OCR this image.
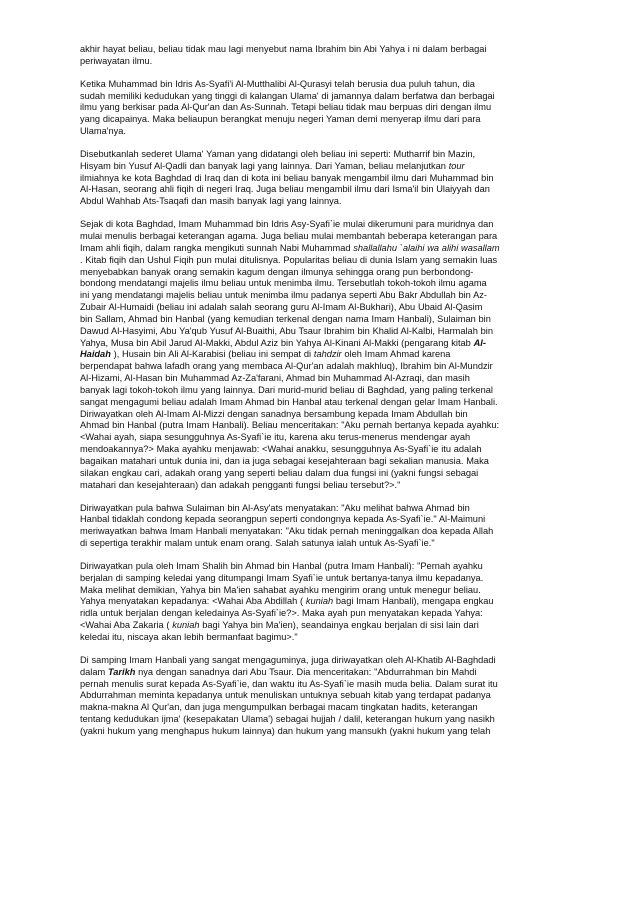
akhir hayat beliau, beliau tidak mau lagi menyebut nama Ibrahim bin Abi Yahya i ni dalam berbagai
periwayatan ilmu.

Ketika Muhammad bin Idris As-Syafi'i Al-Mutthalibi Al-Qurasyi telah berusia dua puluh tahun, dia
sudah memiliki kedudukan yang tinggi di kalangan Ulama' di jamannya dalam berfatwa dan berbagai
ilmu yang berkisar pada Al-Qur'an dan As-Sunnah. Tetapi beliau tidak mau berpuas diri dengan ilmu
yang dicapainya. Maka beliaupun berangkat menuju negeri Yaman demi menyerap ilmu dari para
Ulama'nya.

Disebutkanlah sederet Ulama' Yaman yang didatangi oleh beliau ini seperti: Mutharrif bin Mazin,
Hisyam bin Yusuf Al-Qadli dan banyak lagi yang lainnya. Dari Yaman, beliau melanjutkan tour
ilmiahnya ke kota Baghdad di Iraq dan di kota ini beliau banyak mengambil ilmu dari Muhammad bin
Al-Hasan, seorang ahli fiqih di negeri Iraq. Juga beliau mengambil ilmu dari Isma'il bin Ulaiyyah dan
Abdul Wahhab Ats-Tsaqafi dan masih banyak lagi yang lainnya.

Sejak di kota Baghdad, Imam Muhammad bin Idris Asy-Syafi`ie mulai dikerumuni para muridnya dan
mulai menulis berbagai keterangan agama. Juga beliau mulai membantah beberapa keterangan para
Imam ahli fiqih, dalam rangka mengikuti sunnah Nabi Muhammad shallallahu `alaihi wa alihi wasallam
. Kitab fiqih dan Ushul Fiqih pun mulai ditulisnya. Popularitas beliau di dunia Islam yang semakin luas
menyebabkan banyak orang semakin kagum dengan ilmunya sehingga orang pun berbondong-
bondong mendatangi majelis ilmu beliau untuk menimba ilmu. Tersebutlah tokoh-tokoh ilmu agama
ini yang mendatangi majelis beliau untuk menimba ilmu padanya seperti Abu Bakr Abdullah bin Az-
Zubair Al-Humaidi (beliau ini adalah salah seorang guru Al-Imam Al-Bukhari), Abu Ubaid Al-Qasim
bin Sallam, Ahmad bin Hanbal (yang kemudian terkenal dengan nama Imam Hanbali), Sulaiman bin
Dawud Al-Hasyimi, Abu Ya'qub Yusuf Al-Buaithi, Abu Tsaur Ibrahim bin Khalid Al-Kalbi, Harmalah bin
Yahya, Musa bin Abil Jarud Al-Makki, Abdul Aziz bin Yahya Al-Kinani Al-Makki (pengarang kitab Al-
Haidah ), Husain bin Ali Al-Karabisi (beliau ini sempat di tahdzir oleh Imam Ahmad karena
berpendapat bahwa lafadh orang yang membaca Al-Qur'an adalah makhluq), Ibrahim bin Al-Mundzir
Al-Hizami, Al-Hasan bin Muhammad Az-Za'farani, Ahmad bin Muhammad Al-Azraqi, dan masih
banyak lagi tokoh-tokoh ilmu yang lainnya. Dari murid-murid beliau di Baghdad, yang paling terkenal
sangat mengagumi beliau adalah Imam Ahmad bin Hanbal atau terkenal dengan gelar Imam Hanbali.
Diriwayatkan oleh Al-Imam Al-Mizzi dengan sanadnya bersambung kepada Imam Abdullah bin
Ahmad bin Hanbal (putra Imam Hanbali). Beliau menceritakan: "Aku pernah bertanya kepada ayahku:
<Wahai ayah, siapa sesungguhnya As-Syafi`ie itu, karena aku terus-menerus mendengar ayah
mendoakannya?> Maka ayahku menjawab: <Wahai anakku, sesungguhnya As-Syafi`ie itu adalah
bagaikan matahari untuk dunia ini, dan ia juga sebagai kesejahteraan bagi sekalian manusia. Maka
silakan engkau cari, adakah orang yang seperti beliau dalam dua fungsi ini (yakni fungsi sebagai
matahari dan kesejahteraan) dan adakah pengganti fungsi beliau tersebut?>."

Diriwayatkan pula bahwa Sulaiman bin Al-Asy'ats menyatakan: "Aku melihat bahwa Ahmad bin
Hanbal tidaklah condong kepada seorangpun seperti condongnya kepada As-Syafi`ie." Al-Maimuni
meriwayatkan bahwa Imam Hanbali menyatakan: "Aku tidak pernah meninggalkan doa kepada Allah
di sepertiga terakhir malam untuk enam orang. Salah satunya ialah untuk As-Syafi`ie."

Diriwayatkan pula oleh Imam Shalih bin Ahmad bin Hanbal (putra Imam Hanbali): "Pernah ayahku
berjalan di samping keledai yang ditumpangi Imam Syafi`ie untuk bertanya-tanya ilmu kepadanya.
Maka melihat demikian, Yahya bin Ma'ien sahabat ayahku mengirim orang untuk menegur beliau.
Yahya menyatakan kepadanya: <Wahai Aba Abdillah ( kuniah bagi Imam Hanbali), mengapa engkau
ridla untuk berjalan dengan keledainya As-Syafi`ie?>. Maka ayah pun menyatakan kepada Yahya:
<Wahai Aba Zakaria ( kuniah bagi Yahya bin Ma'ien), seandainya engkau berjalan di sisi lain dari
keledai itu, niscaya akan lebih bermanfaat bagimu>."

Di samping Imam Hanbali yang sangat mengaguminya, juga diriwayatkan oleh Al-Khatib Al-Baghdadi
dalam Tarikh nya dengan sanadnya dari Abu Tsaur. Dia menceritakan: "Abdurrahman bin Mahdi
pernah menulis surat kepada As-Syafi`ie, dan waktu itu As-Syafi`ie masih muda belia. Dalam surat itu
Abdurrahman meminta kepadanya untuk menuliskan untuknya sebuah kitab yang terdapat padanya
makna-makna Al Qur'an, dan juga mengumpulkan berbagai macam tingkatan hadits, keterangan
tentang kedudukan ijma' (kesepakatan Ulama') sebagai hujjah / dalil, keterangan hukum yang nasikh
(yakni hukum yang menghapus hukum lainnya) dan hukum yang mansukh (yakni hukum yang telah
